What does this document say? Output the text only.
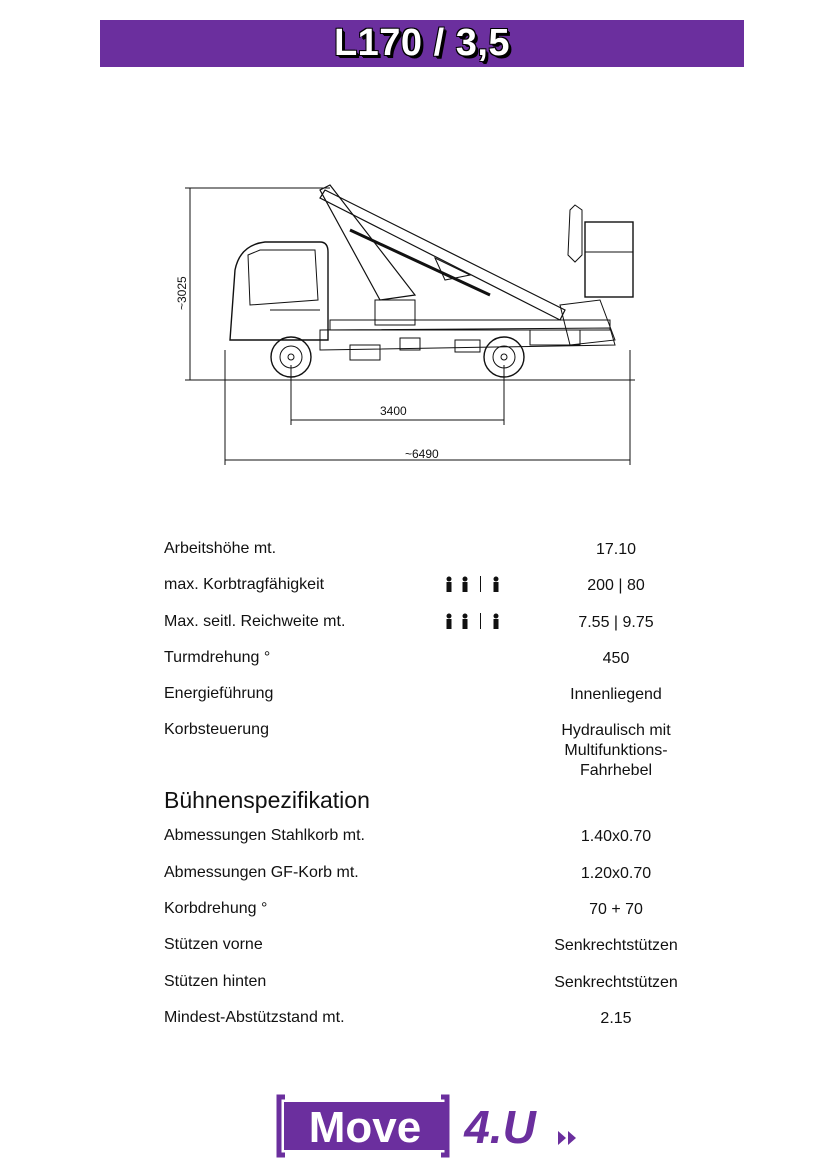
L170 / 3,5
~3025
3400
~6490
Arbeitshöhe mt.	17.10
max. Korbtragfähigkeit	200 | 80
Max. seitl. Reichweite mt.	7.55 | 9.75
Turmdrehung °	450
Energieführung	Innenliegend
Korbsteuerung	Hydraulisch mit
Multifunktions-
Fahrhebel
Bühnenspezifikation
Abmessungen Stahlkorb mt.	1.40x0.70
Abmessungen GF-Korb mt.	1.20x0.70
Korbdrehung °	70 + 70
Stützen vorne	Senkrechtstützen
Stützen hinten	Senkrechtstützen
Mindest-Abstützstand mt.	2.15
Move 4.U
